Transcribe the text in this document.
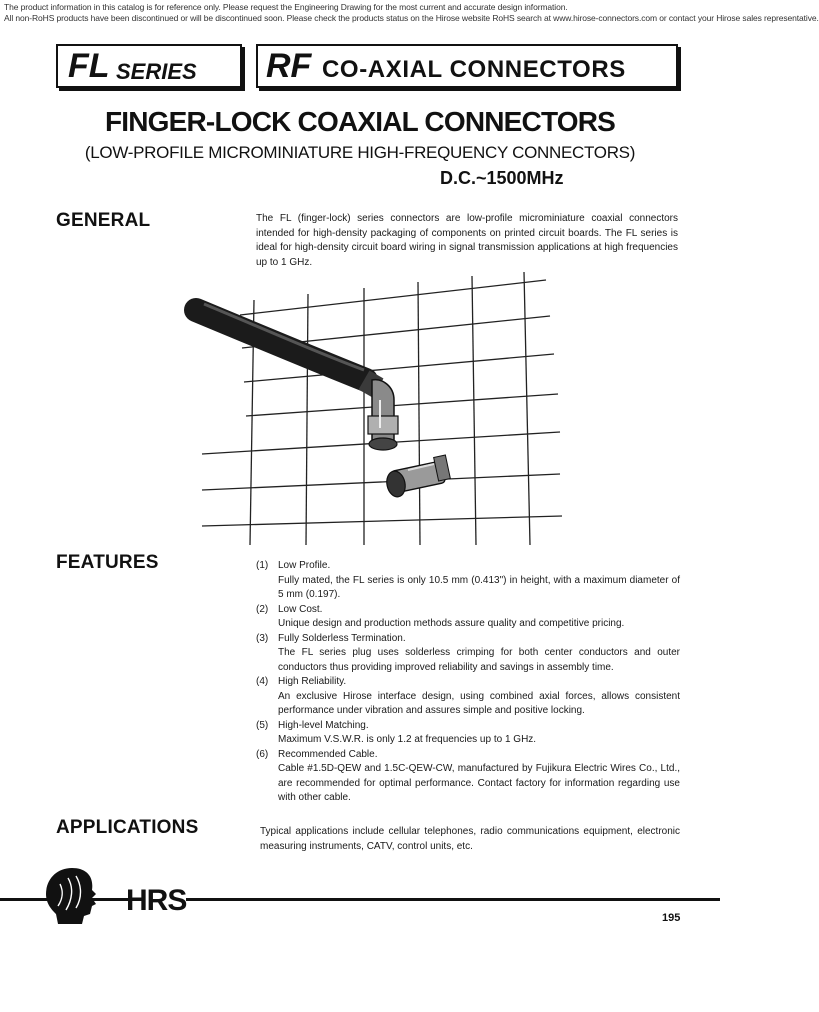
The product information in this catalog is for reference only. Please request the Engineering Drawing for the most current and accurate design information.
All non-RoHS products have been discontinued or will be discontinued soon. Please check the products status on the Hirose website RoHS search at www.hirose-connectors.com or contact your Hirose sales representative.
FL SERIES RF CO-AXIAL CONNECTORS
FINGER-LOCK COAXIAL CONNECTORS
(LOW-PROFILE MICROMINIATURE HIGH-FREQUENCY CONNECTORS)
D.C.~1500MHz
GENERAL	The FL (finger-lock) series connectors are low-profile microminiature coaxial connectors intended for high-density packaging of components on printed circuit boards. The FL series is ideal for high-density circuit board wiring in signal transmission applications at high frequencies up to 1 GHz.
FEATURES	(1) Low Profile.
Fully mated, the FL series is only 10.5 mm (0.413") in height, with a maximum diameter of 5 mm (0.197).
(2) Low Cost.
Unique design and production methods assure quality and competitive pricing.
(3) Fully Solderless Termination.
The FL series plug uses solderless crimping for both center conductors and outer conductors thus providing improved reliability and savings in assembly time.
(4) High Reliability.
An exclusive Hirose interface design, using combined axial forces, allows consistent performance under vibration and assures simple and positive locking.
(5) High-level Matching.
Maximum V.S.W.R. is only 1.2 at frequencies up to 1 GHz.
(6) Recommended Cable.
Cable #1.5D-QEW and 1.5C-QEW-CW, manufactured by Fujikura Electric Wires Co., Ltd., are recommended for optimal performance. Contact factory for information regarding use with other cable.
APPLICATIONS	Typical applications include cellular telephones, radio communications equipment, electronic measuring instruments, CATV, control units, etc.
HRS
195
